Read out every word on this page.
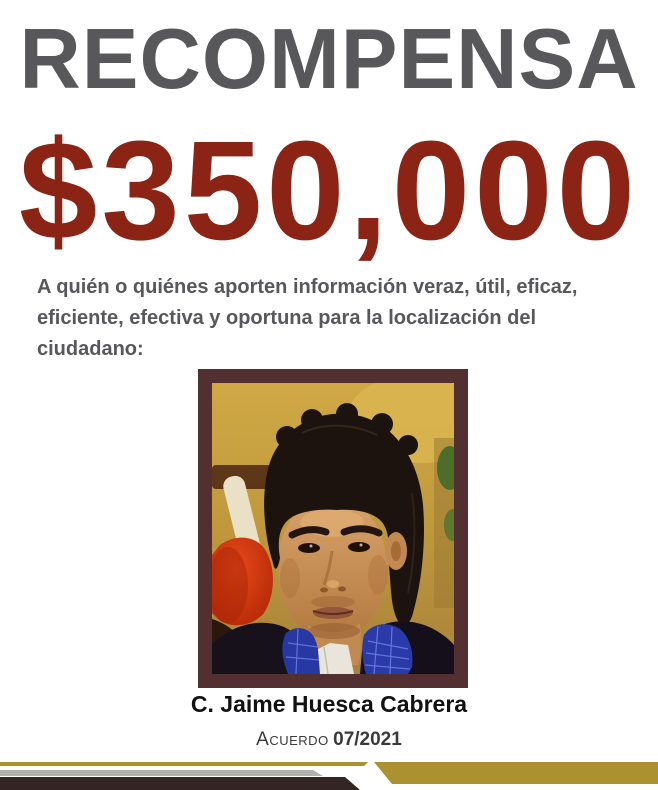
RECOMPENSA
$350,000
A quién o quiénes aporten información veraz, útil, eficaz,
eficiente, efectiva y oportuna para la localización del
ciudadano:
C. Jaime Huesca Cabrera
Acuerdo 07/2021
